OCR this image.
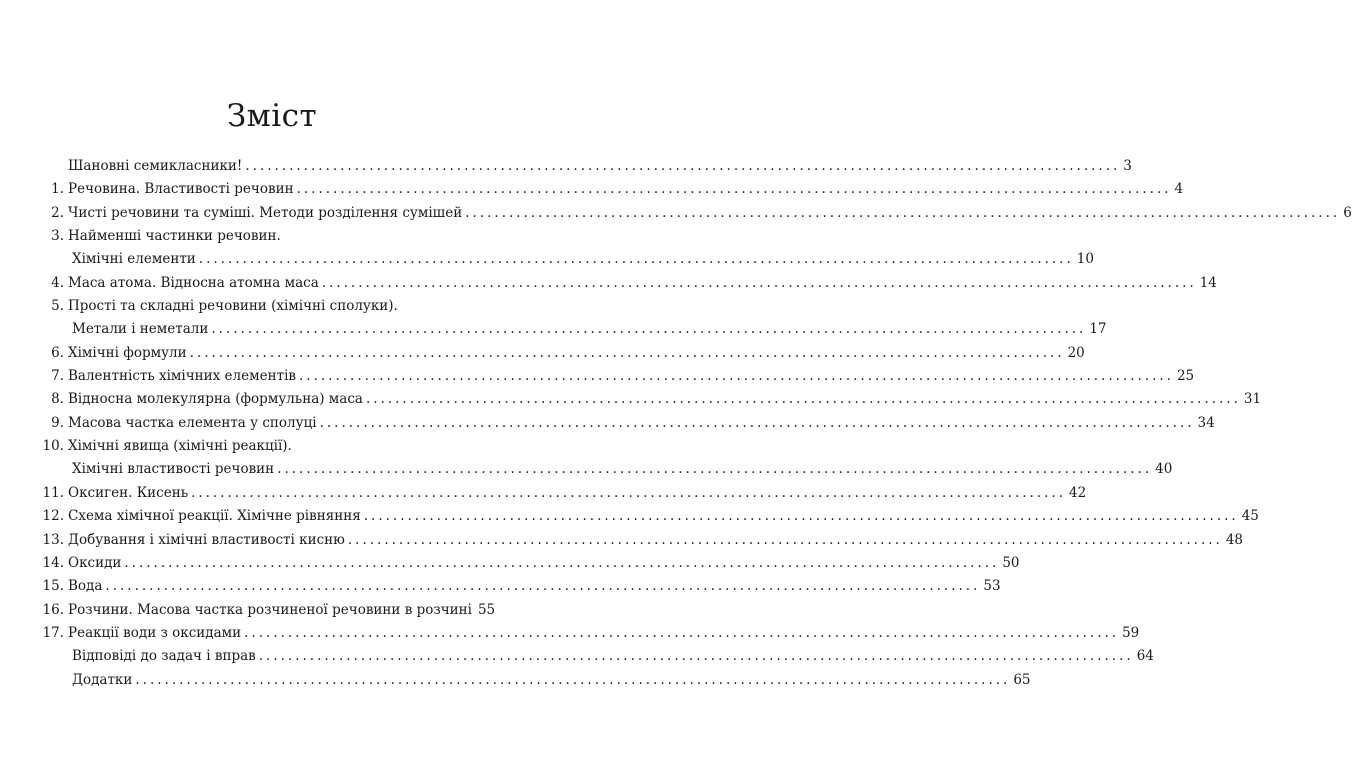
Зміст
Шановні семикласники! ........................................................................................................................ 3
1. Речовина. Властивості речовин ........................................................................................................................ 4
2. Чисті речовини та суміші. Методи розділення сумішей ........................................................................................................................ 6
3. Найменші частинки речовин.
Хімічні елементи ........................................................................................................................ 10
4. Маса атома. Відносна атомна маса ........................................................................................................................ 14
5. Прості та складні речовини (хімічні сполуки).
Метали і неметали ........................................................................................................................ 17
6. Хімічні формули ........................................................................................................................ 20
7. Валентність хімічних елементів ........................................................................................................................ 25
8. Відносна молекулярна (формульна) маса ........................................................................................................................ 31
9. Масова частка елемента у сполуці ........................................................................................................................ 34
10. Хімічні явища (хімічні реакції).
Хімічні властивості речовин ........................................................................................................................ 40
11. Оксиген. Кисень ........................................................................................................................ 42
12. Схема хімічної реакції. Хімічне рівняння ........................................................................................................................ 45
13. Добування і хімічні властивості кисню ........................................................................................................................ 48
14. Оксиди ........................................................................................................................ 50
15. Вода ........................................................................................................................ 53
16. Розчини. Масова частка розчиненої речовини в розчині 55
17. Реакції води з оксидами ........................................................................................................................ 59
Відповіді до задач і вправ ........................................................................................................................ 64
Додатки ........................................................................................................................ 65
